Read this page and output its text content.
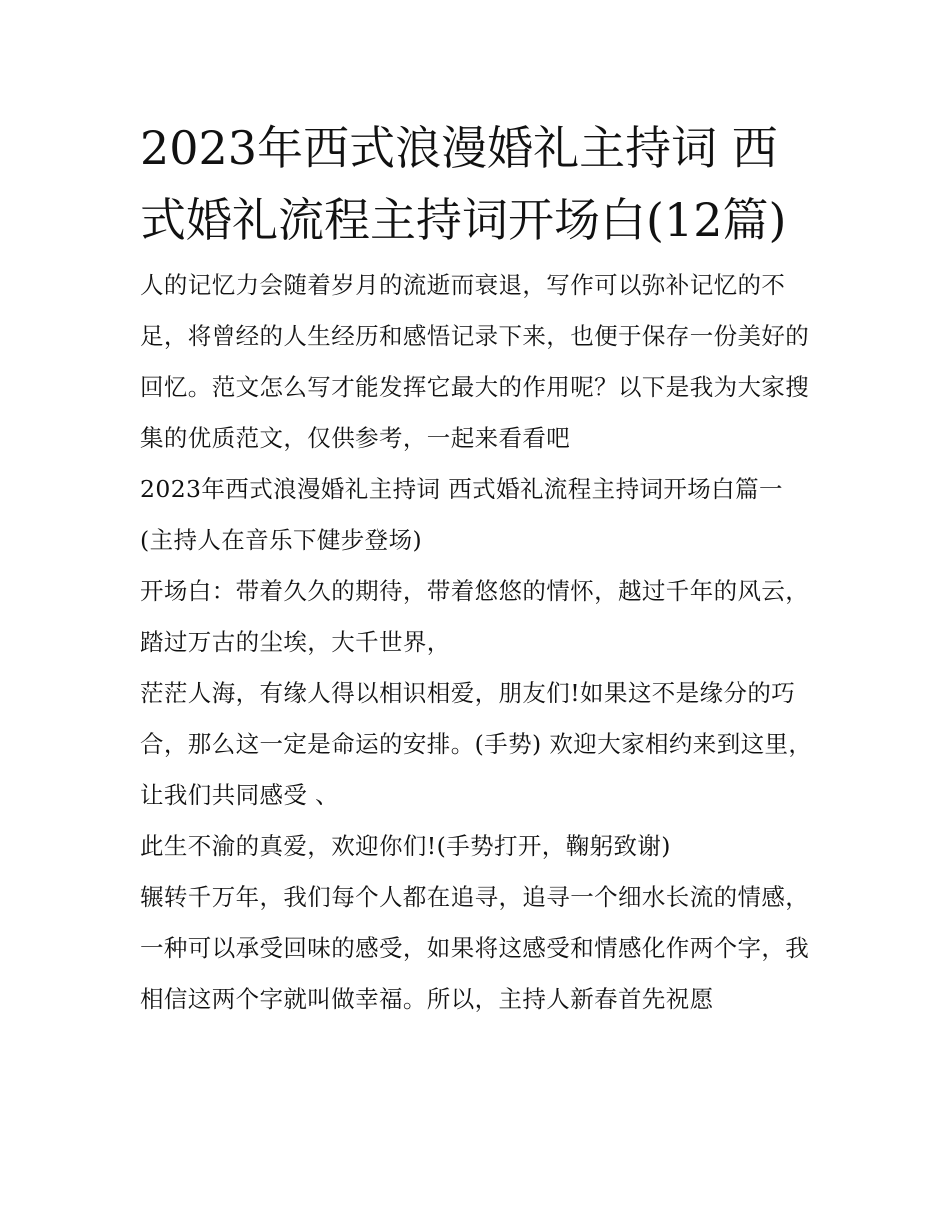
2023年西式浪漫婚礼主持词 西式婚礼流程主持词开场白(12篇)

人的记忆力会随着岁月的流逝而衰退，写作可以弥补记忆的不足，将曾经的人生经历和感悟记录下来，也便于保存一份美好的回忆。范文怎么写才能发挥它最大的作用呢？以下是我为大家搜集的优质范文，仅供参考，一起来看看吧

2023年西式浪漫婚礼主持词 西式婚礼流程主持词开场白篇一

(主持人在音乐下健步登场)

开场白：带着久久的期待，带着悠悠的情怀，越过千年的风云，踏过万古的尘埃，大千世界，

茫茫人海，有缘人得以相识相爱，朋友们!如果这不是缘分的巧合，那么这一定是命运的安排。(手势) 欢迎大家相约来到这里，让我们共同感受 、

此生不渝的真爱，欢迎你们!(手势打开，鞠躬致谢)

辗转千万年，我们每个人都在追寻，追寻一个细水长流的情感，一种可以承受回味的感受，如果将这感受和情感化作两个字，我相信这两个字就叫做幸福。所以，主持人新春首先祝愿
